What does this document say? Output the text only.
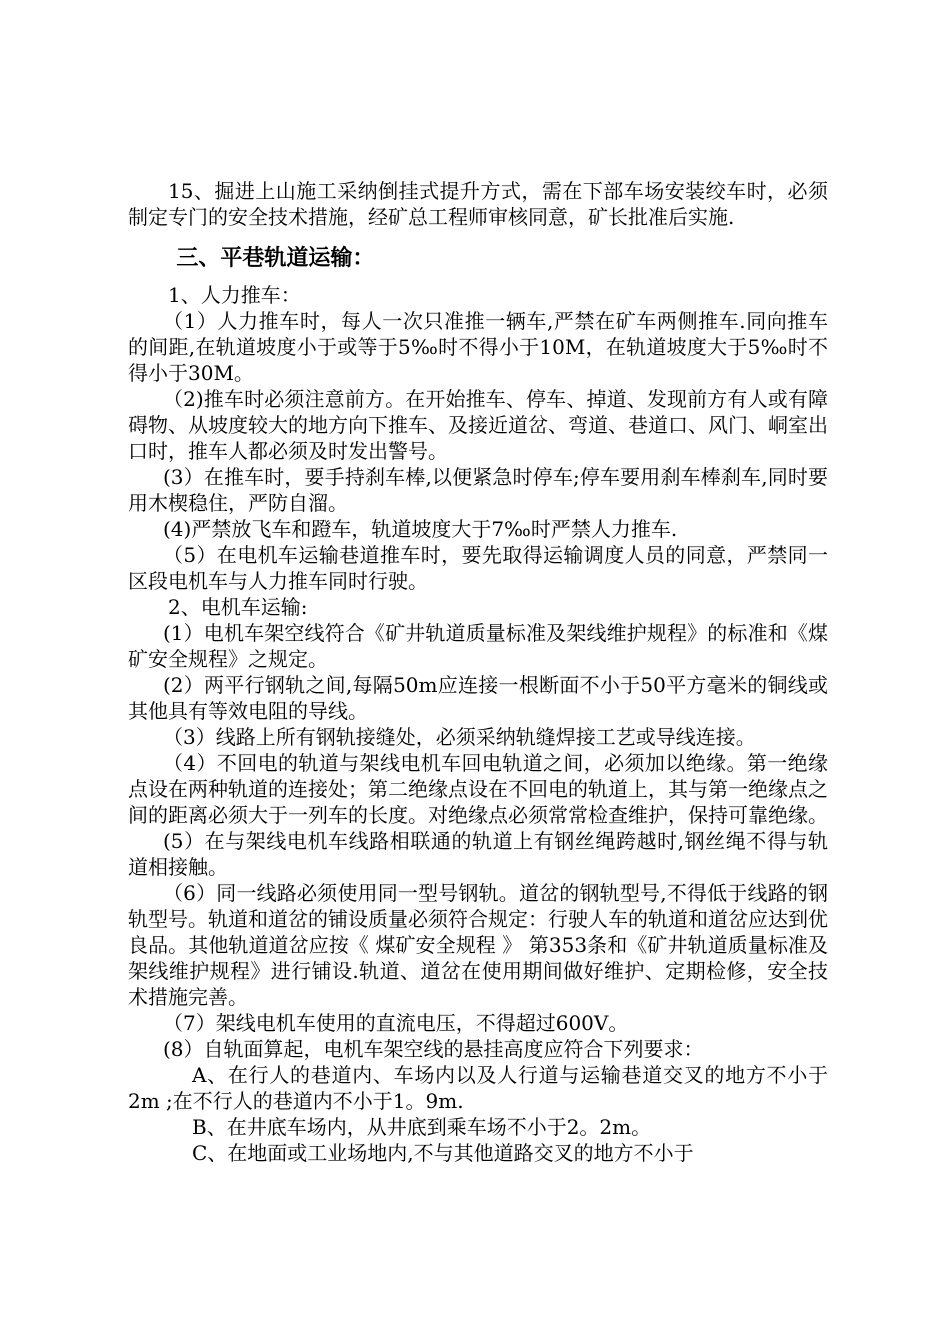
15、掘进上山施工采纳倒挂式提升方式，需在下部车场安装绞车时，必须制定专门的安全技术措施，经矿总工程师审核同意，矿长批准后实施.

三、平巷轨道运输：

1、人力推车：

（1）人力推车时，每人一次只准推一辆车,严禁在矿车两侧推车.同向推车的间距,在轨道坡度小于或等于5‰时不得小于10M，在轨道坡度大于5‰时不得小于30M。

（2)推车时必须注意前方。在开始推车、停车、掉道、发现前方有人或有障碍物、从坡度较大的地方向下推车、及接近道岔、弯道、巷道口、风门、峒室出口时，推车人都必须及时发出警号。

(3）在推车时，要手持刹车棒,以便紧急时停车;停车要用刹车棒刹车,同时要用木楔稳住，严防自溜。

(4)严禁放飞车和蹬车，轨道坡度大于7‰时严禁人力推车.

（5）在电机车运输巷道推车时，要先取得运输调度人员的同意，严禁同一区段电机车与人力推车同时行驶。

2、电机车运输:

(1）电机车架空线符合《矿井轨道质量标准及架线维护规程》的标准和《煤矿安全规程》之规定。

(2）两平行钢轨之间,每隔50m应连接一根断面不小于50平方毫米的铜线或其他具有等效电阻的导线。

（3）线路上所有钢轨接缝处，必须采纳轨缝焊接工艺或导线连接。

（4）不回电的轨道与架线电机车回电轨道之间，必须加以绝缘。第一绝缘点设在两种轨道的连接处；第二绝缘点设在不回电的轨道上，其与第一绝缘点之间的距离必须大于一列车的长度。对绝缘点必须常常检查维护，保持可靠绝缘。

(5）在与架线电机车线路相联通的轨道上有钢丝绳跨越时,钢丝绳不得与轨道相接触。

（6）同一线路必须使用同一型号钢轨。道岔的钢轨型号,不得低于线路的钢轨型号。轨道和道岔的铺设质量必须符合规定：行驶人车的轨道和道岔应达到优良品。其他轨道道岔应按《 煤矿安全规程 》 第353条和《矿井轨道质量标准及架线维护规程》进行铺设.轨道、道岔在使用期间做好维护、定期检修，安全技术措施完善。

（7）架线电机车使用的直流电压，不得超过600V。

(8）自轨面算起，电机车架空线的悬挂高度应符合下列要求：

A、在行人的巷道内、车场内以及人行道与运输巷道交叉的地方不小于2m ;在不行人的巷道内不小于1。9m.

B、在井底车场内，从井底到乘车场不小于2。2m。

C、在地面或工业场地内,不与其他道路交叉的地方不小于
